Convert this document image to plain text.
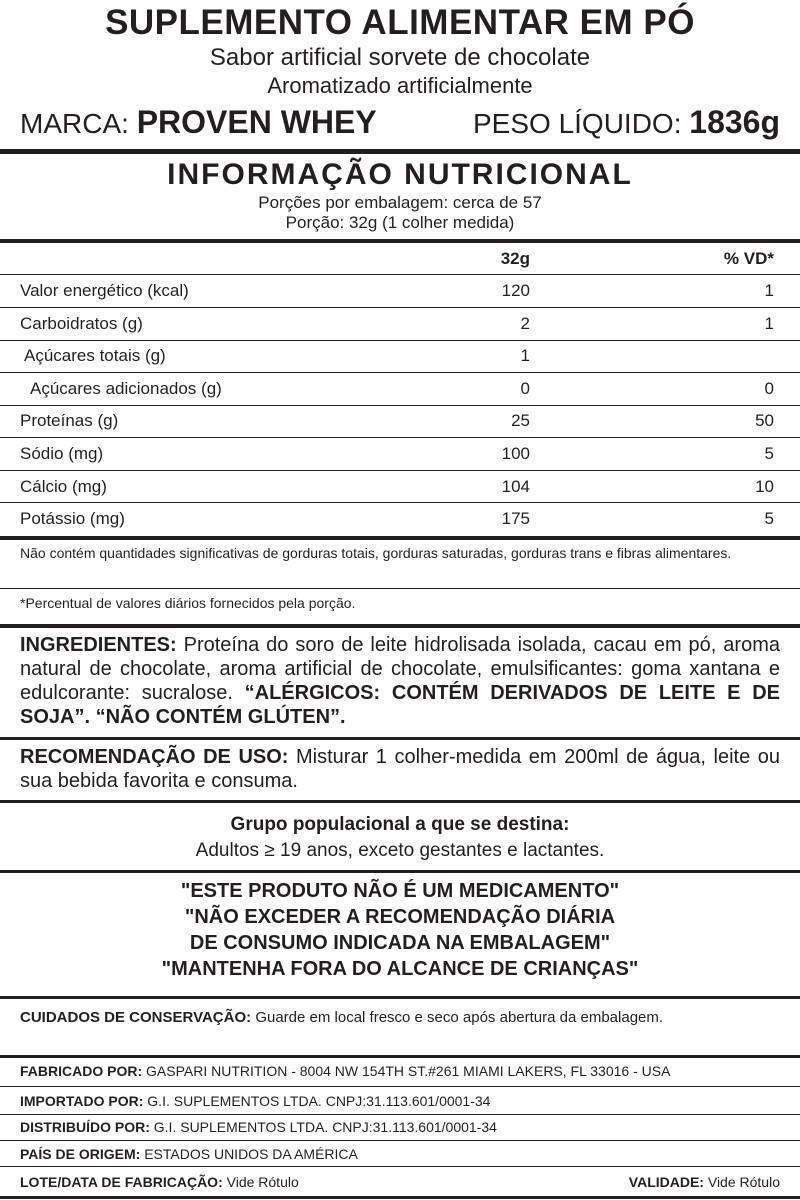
SUPLEMENTO ALIMENTAR EM PÓ
Sabor artificial sorvete de chocolate
Aromatizado artificialmente
MARCA: PROVEN WHEY	PESO LÍQUIDO: 1836g
INFORMAÇÃO NUTRICIONAL
Porções por embalagem: cerca de 57
Porção: 32g (1 colher medida)
32g	% VD*
Valor energético (kcal)	120	1
Carboidratos (g)	2	1
Açúcares totais (g)	1
Açúcares adicionados (g)	0	0
Proteínas (g)	25	50
Sódio (mg)	100	5
Cálcio (mg)	104	10
Potássio (mg)	175	5
Não contém quantidades significativas de gorduras totais, gorduras saturadas, gorduras trans e fibras alimentares.
*Percentual de valores diários fornecidos pela porção.
INGREDIENTES: Proteína do soro de leite hidrolisada isolada, cacau em pó, aroma natural de chocolate, aroma artificial de chocolate, emulsificantes: goma xantana e edulcorante: sucralose. “ALÉRGICOS: CONTÉM DERIVADOS DE LEITE E DE SOJA”. “NÃO CONTÉM GLÚTEN”.
RECOMENDAÇÃO DE USO: Misturar 1 colher-medida em 200ml de água, leite ou sua bebida favorita e consuma.
Grupo populacional a que se destina:
Adultos ≥ 19 anos, exceto gestantes e lactantes.
"ESTE PRODUTO NÃO É UM MEDICAMENTO"
"NÃO EXCEDER A RECOMENDAÇÃO DIÁRIA
DE CONSUMO INDICADA NA EMBALAGEM"
"MANTENHA FORA DO ALCANCE DE CRIANÇAS"
CUIDADOS DE CONSERVAÇÃO: Guarde em local fresco e seco após abertura da embalagem.
FABRICADO POR: GASPARI NUTRITION - 8004 NW 154TH ST.#261 MIAMI LAKERS, FL 33016 - USA
IMPORTADO POR: G.I. SUPLEMENTOS LTDA. CNPJ:31.113.601/0001-34
DISTRIBUÍDO POR: G.I. SUPLEMENTOS LTDA. CNPJ:31.113.601/0001-34
PAÍS DE ORIGEM: ESTADOS UNIDOS DA AMÉRICA
LOTE/DATA DE FABRICAÇÃO: Vide Rótulo	VALIDADE: Vide Rótulo
